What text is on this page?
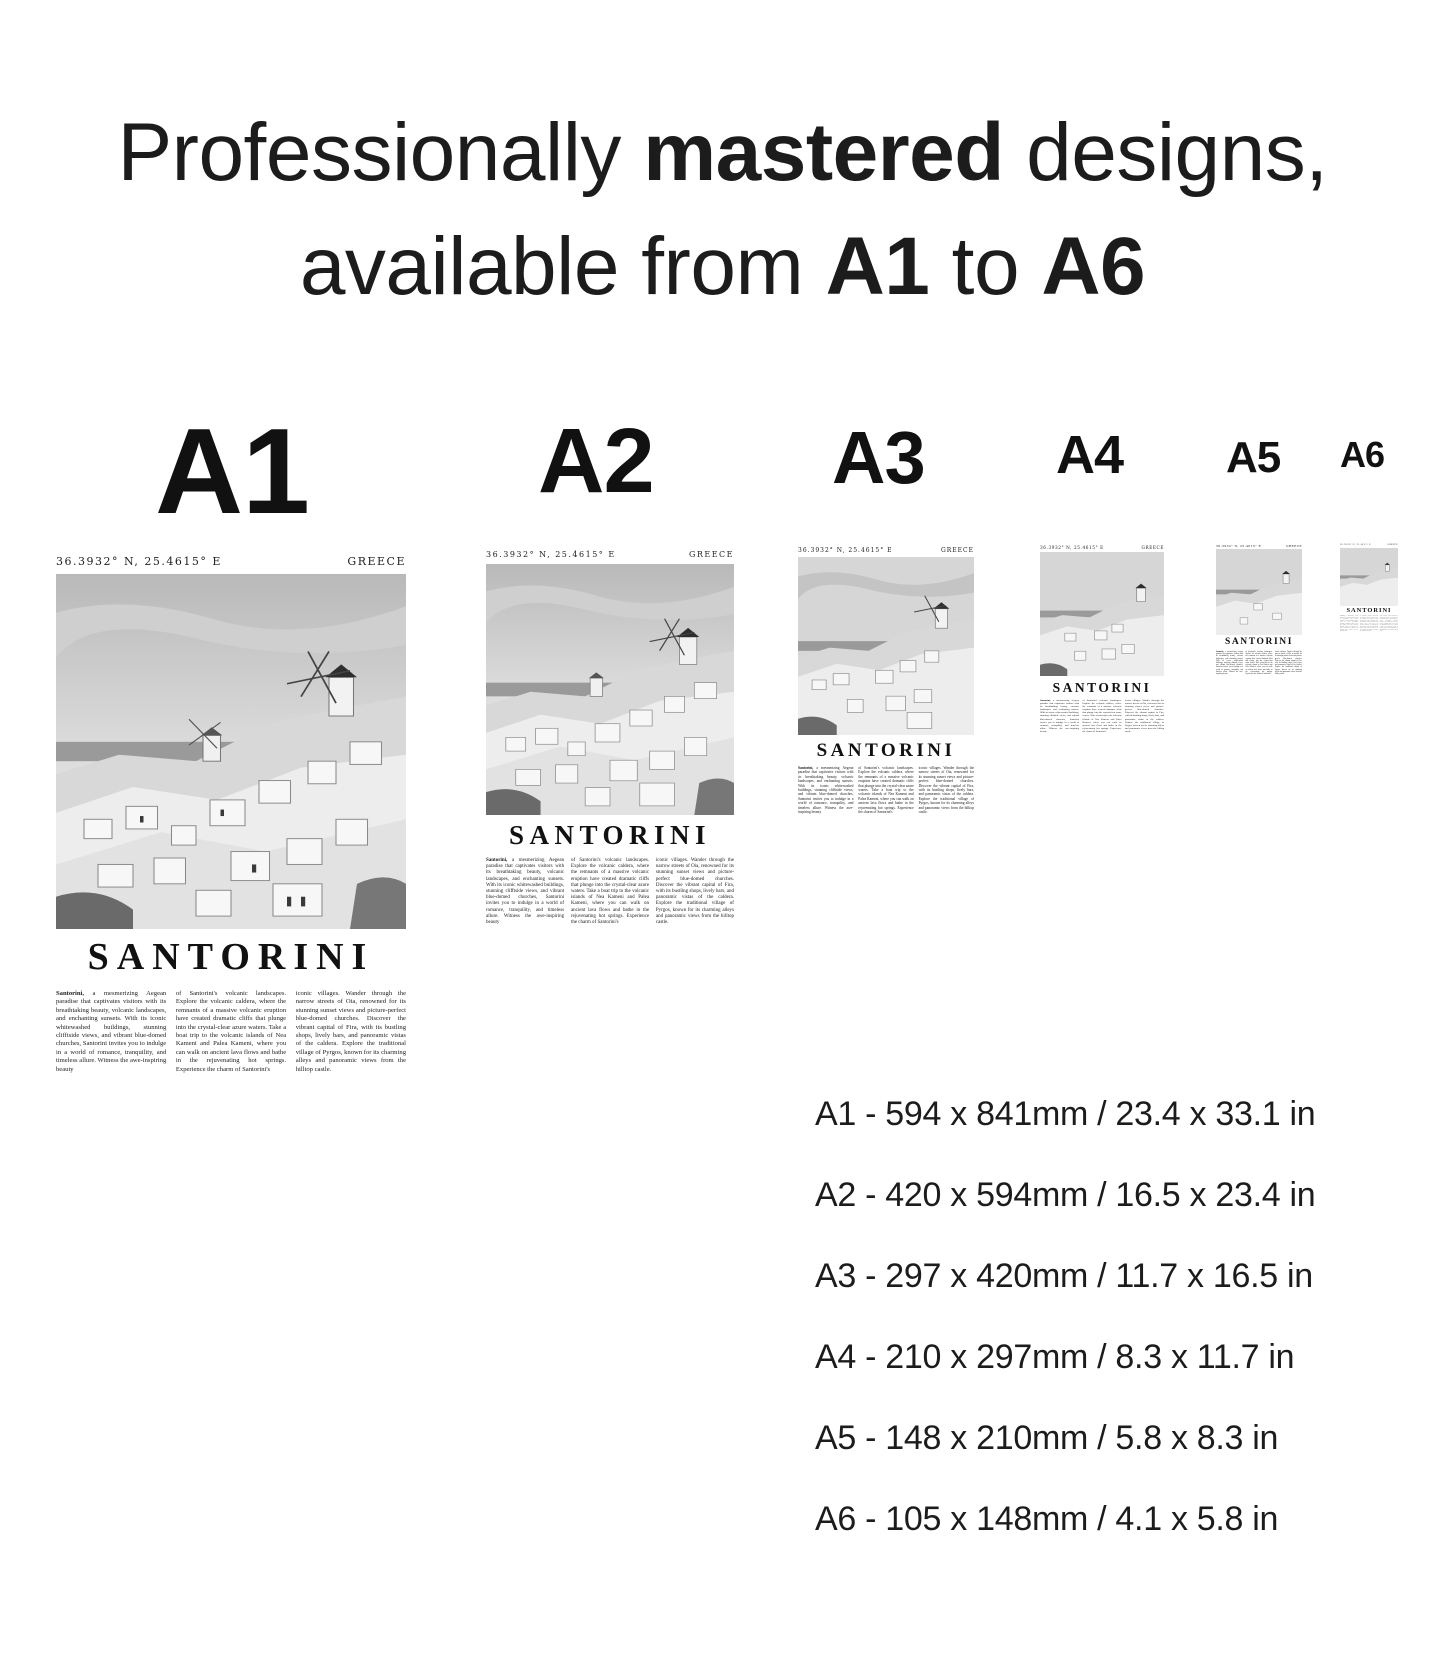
Professionally mastered designs,
available from A1 to A6
A1 A2 A3 A4 A5 A6
36.3932° N, 25.4615° E	GREECE
SANTORINI
Santorini, a mesmerizing Aegean paradise that captivates visitors with its breathtaking beauty, volcanic landscapes, and enchanting sunsets. With its iconic whitewashed buildings, stunning clifftside views, and vibrant blue-domed churches, Santorini invites you to indulge in a world of romance, tranquility, and timeless allure. Witness the awe-inspiring beauty
of Santorini's volcanic landscapes. Explore the volcanic caldera, where the remnants of a massive volcanic eruption have created dramatic cliffs that plunge into the crystal-clear azure waters. Take a boat trip to the volcanic islands of Nea Kameni and Palea Kameni, where you can walk on ancient lava flows and bathe in the rejuvenating hot springs. Experience the charm of Santorini's
iconic villages. Wander through the narrow streets of Oia, renowned for its stunning sunset views and picture-perfect blue-domed churches. Discover the vibrant capital of Fira, with its bustling shops, lively bars, and panoramic vistas of the caldera. Explore the traditional village of Pyrgos, known for its charming alleys and panoramic views from the hilltop castle.
36.3932° N, 25.4615° E	GREECE
SANTORINI
Santorini, a mesmerizing Aegean paradise that captivates visitors with its breathtaking beauty, volcanic landscapes, and enchanting sunsets. With its iconic whitewashed buildings, stunning clifftside views, and vibrant blue-domed churches, Santorini invites you to indulge in a world of romance, tranquility, and timeless allure. Witness the awe-inspiring beauty
of Santorini's volcanic landscapes. Explore the volcanic caldera, where the remnants of a massive volcanic eruption have created dramatic cliffs that plunge into the crystal-clear azure waters. Take a boat trip to the volcanic islands of Nea Kameni and Palea Kameni, where you can walk on ancient lava flows and bathe in the rejuvenating hot springs. Experience the charm of Santorini's
iconic villages. Wander through the narrow streets of Oia, renowned for its stunning sunset views and picture-perfect blue-domed churches. Discover the vibrant capital of Fira, with its bustling shops, lively bars, and panoramic vistas of the caldera. Explore the traditional village of Pyrgos, known for its charming alleys and panoramic views from the hilltop castle.
36.3932° N, 25.4615° E	GREECE
SANTORINI
Santorini, a mesmerizing Aegean paradise that captivates visitors with its breathtaking beauty, volcanic landscapes, and enchanting sunsets. With its iconic whitewashed buildings, stunning clifftside views, and vibrant blue-domed churches, Santorini invites you to indulge in a world of romance, tranquility, and timeless allure. Witness the awe-inspiring beauty
of Santorini's volcanic landscapes. Explore the volcanic caldera, where the remnants of a massive volcanic eruption have created dramatic cliffs that plunge into the crystal-clear azure waters. Take a boat trip to the volcanic islands of Nea Kameni and Palea Kameni, where you can walk on ancient lava flows and bathe in the rejuvenating hot springs. Experience the charm of Santorini's
iconic villages. Wander through the narrow streets of Oia, renowned for its stunning sunset views and picture-perfect blue-domed churches. Discover the vibrant capital of Fira, with its bustling shops, lively bars, and panoramic vistas of the caldera. Explore the traditional village of Pyrgos, known for its charming alleys and panoramic views from the hilltop castle.
36.3932° N, 25.4615° E	GREECE
SANTORINI
Santorini, a mesmerizing Aegean paradise that captivates visitors with its breathtaking beauty, volcanic landscapes, and enchanting sunsets. With its iconic whitewashed buildings, stunning clifftside views, and vibrant blue-domed churches, Santorini invites you to indulge in a world of romance, tranquility, and timeless allure. Witness the awe-inspiring beauty
of Santorini's volcanic landscapes. Explore the volcanic caldera, where the remnants of a massive volcanic eruption have created dramatic cliffs that plunge into the crystal-clear azure waters. Take a boat trip to the volcanic islands of Nea Kameni and Palea Kameni, where you can walk on ancient lava flows and bathe in the rejuvenating hot springs. Experience the charm of Santorini's
iconic villages. Wander through the narrow streets of Oia, renowned for its stunning sunset views and picture-perfect blue-domed churches. Discover the vibrant capital of Fira, with its bustling shops, lively bars, and panoramic vistas of the caldera. Explore the traditional village of Pyrgos, known for its charming alleys and panoramic views from the hilltop castle.
36.3932° N, 25.4615° E	GREECE
SANTORINI
Santorini, a mesmerizing Aegean paradise that captivates visitors with its breathtaking beauty, volcanic landscapes, and enchanting sunsets. With its iconic whitewashed buildings, stunning clifftside views, and vibrant blue-domed churches, Santorini invites you to indulge in a world of romance, tranquility, and timeless allure. Witness the awe-inspiring beauty
of Santorini's volcanic landscapes. Explore the volcanic caldera, where the remnants of a massive volcanic eruption have created dramatic cliffs that plunge into the crystal-clear azure waters. Take a boat trip to the volcanic islands of Nea Kameni and Palea Kameni, where you can walk on ancient lava flows and bathe in the rejuvenating hot springs. Experience the charm of Santorini's
iconic villages. Wander through the narrow streets of Oia, renowned for its stunning sunset views and picture-perfect blue-domed churches. Discover the vibrant capital of Fira, with its bustling shops, lively bars, and panoramic vistas of the caldera. Explore the traditional village of Pyrgos, known for its charming alleys and panoramic views from the hilltop castle.
36.3932° N, 25.4615° E	GREECE
SANTORINI
Santorini, a mesmerizing Aegean paradise that captivates visitors with its breathtaking beauty, volcanic landscapes, and enchanting sunsets. With its iconic whitewashed buildings, stunning clifftside views, and vibrant blue-domed churches, Santorini invites you to indulge in a world of romance, tranquility, and timeless allure. Witness the awe-inspiring beauty
of Santorini's volcanic landscapes. Explore the volcanic caldera, where the remnants of a massive volcanic eruption have created dramatic cliffs that plunge into the crystal-clear azure waters. Take a boat trip to the volcanic islands of Nea Kameni and Palea Kameni, where you can walk on ancient lava flows and bathe in the rejuvenating hot springs. Experience the charm of Santorini's
iconic villages. Wander through the narrow streets of Oia, renowned for its stunning sunset views and picture-perfect blue-domed churches. Discover the vibrant capital of Fira, with its bustling shops, lively bars, and panoramic vistas of the caldera. Explore the traditional village of Pyrgos, known for its charming alleys and panoramic views from the hilltop castle.
A1 - 594 x 841mm / 23.4 x 33.1 in
A2 - 420 x 594mm / 16.5 x 23.4 in
A3 - 297 x 420mm / 11.7 x 16.5 in
A4 - 210 x 297mm / 8.3 x 11.7 in
A5 - 148 x 210mm / 5.8 x 8.3 in
A6 - 105 x 148mm / 4.1 x 5.8 in
